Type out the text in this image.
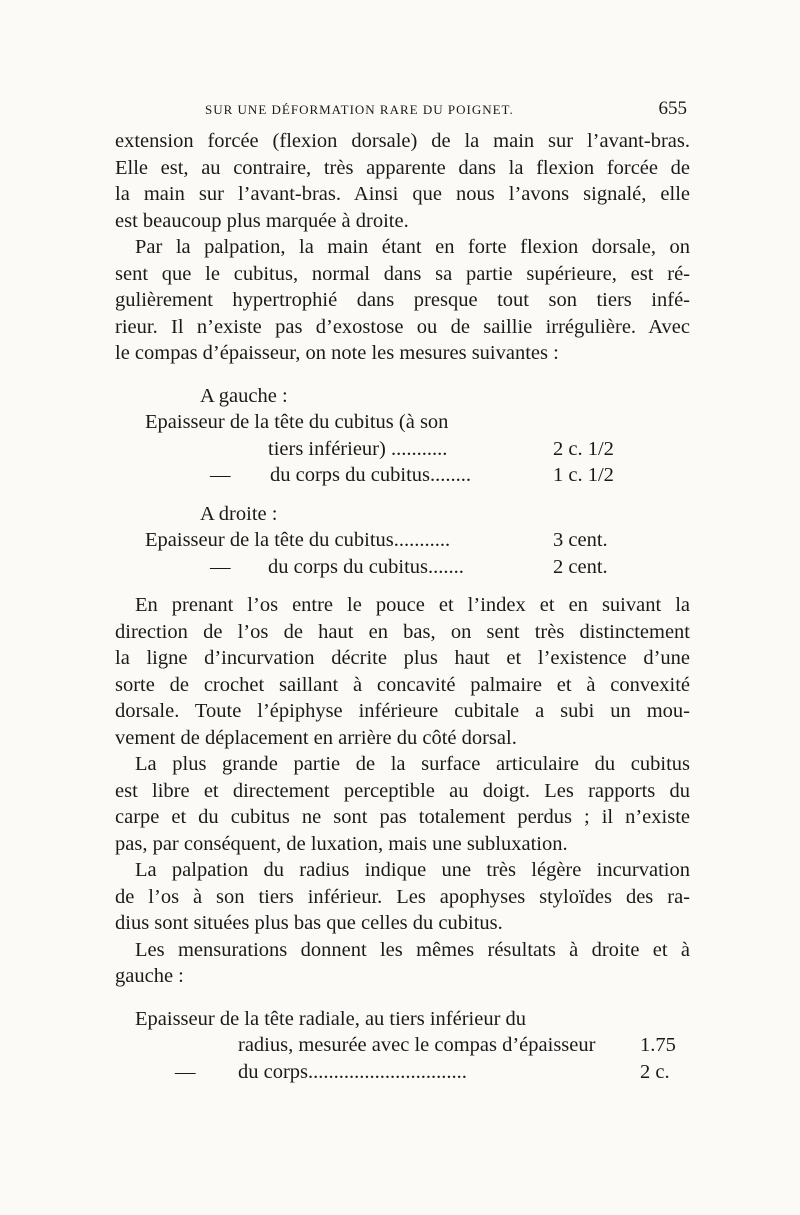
SUR UNE DÉFORMATION RARE DU POIGNET.	655
extension forcée (flexion dorsale) de la main sur l’avant-bras.
Elle est, au contraire, très apparente dans la flexion forcée de
la main sur l’avant-bras. Ainsi que nous l’avons signalé, elle
est beaucoup plus marquée à droite.
Par la palpation, la main étant en forte flexion dorsale, on
sent que le cubitus, normal dans sa partie supérieure, est ré-
gulièrement hypertrophié dans presque tout son tiers infé-
rieur. Il n’existe pas d’exostose ou de saillie irrégulière. Avec
le compas d’épaisseur, on note les mesures suivantes :
A gauche :
Epaisseur de la tête du cubitus (à son
tiers inférieur) ...........	2 c. 1/2
— du corps du cubitus........	1 c. 1/2
A droite :
Epaisseur de la tête du cubitus...........	3 cent.
— du corps du cubitus.......	2 cent.
En prenant l’os entre le pouce et l’index et en suivant la
direction de l’os de haut en bas, on sent très distinctement
la ligne d’incurvation décrite plus haut et l’existence d’une
sorte de crochet saillant à concavité palmaire et à convexité
dorsale. Toute l’épiphyse inférieure cubitale a subi un mou-
vement de déplacement en arrière du côté dorsal.
La plus grande partie de la surface articulaire du cubitus
est libre et directement perceptible au doigt. Les rapports du
carpe et du cubitus ne sont pas totalement perdus ; il n’existe
pas, par conséquent, de luxation, mais une subluxation.
La palpation du radius indique une très légère incurvation
de l’os à son tiers inférieur. Les apophyses styloïdes des ra-
dius sont situées plus bas que celles du cubitus.
Les mensurations donnent les mêmes résultats à droite et à
gauche :
Epaisseur de la tête radiale, au tiers inférieur du
radius, mesurée avec le compas d’épaisseur 1.75
— du corps...............................	2 c.
